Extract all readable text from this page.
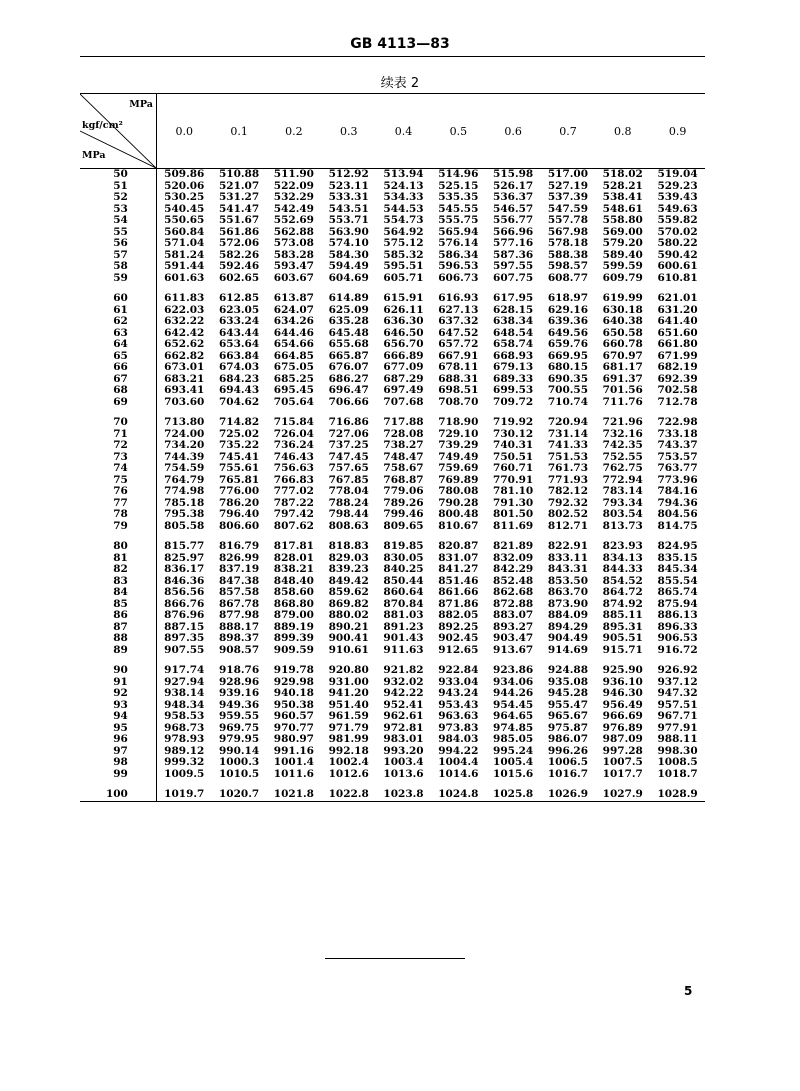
GB 4113—83
续表 2
MPa
kgf/cm²
MPa	0.0	0.1	0.2	0.3	0.4	0.5	0.6	0.7	0.8	0.9
50	509.86	510.88	511.90	512.92	513.94	514.96	515.98	517.00	518.02	519.04
51	520.06	521.07	522.09	523.11	524.13	525.15	526.17	527.19	528.21	529.23
52	530.25	531.27	532.29	533.31	534.33	535.35	536.37	537.39	538.41	539.43
53	540.45	541.47	542.49	543.51	544.53	545.55	546.57	547.59	548.61	549.63
54	550.65	551.67	552.69	553.71	554.73	555.75	556.77	557.78	558.80	559.82
55	560.84	561.86	562.88	563.90	564.92	565.94	566.96	567.98	569.00	570.02
56	571.04	572.06	573.08	574.10	575.12	576.14	577.16	578.18	579.20	580.22
57	581.24	582.26	583.28	584.30	585.32	586.34	587.36	588.38	589.40	590.42
58	591.44	592.46	593.47	594.49	595.51	596.53	597.55	598.57	599.59	600.61
59	601.63	602.65	603.67	604.69	605.71	606.73	607.75	608.77	609.79	610.81

60	611.83	612.85	613.87	614.89	615.91	616.93	617.95	618.97	619.99	621.01
61	622.03	623.05	624.07	625.09	626.11	627.13	628.15	629.16	630.18	631.20
62	632.22	633.24	634.26	635.28	636.30	637.32	638.34	639.36	640.38	641.40
63	642.42	643.44	644.46	645.48	646.50	647.52	648.54	649.56	650.58	651.60
64	652.62	653.64	654.66	655.68	656.70	657.72	658.74	659.76	660.78	661.80
65	662.82	663.84	664.85	665.87	666.89	667.91	668.93	669.95	670.97	671.99
66	673.01	674.03	675.05	676.07	677.09	678.11	679.13	680.15	681.17	682.19
67	683.21	684.23	685.25	686.27	687.29	688.31	689.33	690.35	691.37	692.39
68	693.41	694.43	695.45	696.47	697.49	698.51	699.53	700.55	701.56	702.58
69	703.60	704.62	705.64	706.66	707.68	708.70	709.72	710.74	711.76	712.78

70	713.80	714.82	715.84	716.86	717.88	718.90	719.92	720.94	721.96	722.98
71	724.00	725.02	726.04	727.06	728.08	729.10	730.12	731.14	732.16	733.18
72	734.20	735.22	736.24	737.25	738.27	739.29	740.31	741.33	742.35	743.37
73	744.39	745.41	746.43	747.45	748.47	749.49	750.51	751.53	752.55	753.57
74	754.59	755.61	756.63	757.65	758.67	759.69	760.71	761.73	762.75	763.77
75	764.79	765.81	766.83	767.85	768.87	769.89	770.91	771.93	772.94	773.96
76	774.98	776.00	777.02	778.04	779.06	780.08	781.10	782.12	783.14	784.16
77	785.18	786.20	787.22	788.24	789.26	790.28	791.30	792.32	793.34	794.36
78	795.38	796.40	797.42	798.44	799.46	800.48	801.50	802.52	803.54	804.56
79	805.58	806.60	807.62	808.63	809.65	810.67	811.69	812.71	813.73	814.75

80	815.77	816.79	817.81	818.83	819.85	820.87	821.89	822.91	823.93	824.95
81	825.97	826.99	828.01	829.03	830.05	831.07	832.09	833.11	834.13	835.15
82	836.17	837.19	838.21	839.23	840.25	841.27	842.29	843.31	844.33	845.34
83	846.36	847.38	848.40	849.42	850.44	851.46	852.48	853.50	854.52	855.54
84	856.56	857.58	858.60	859.62	860.64	861.66	862.68	863.70	864.72	865.74
85	866.76	867.78	868.80	869.82	870.84	871.86	872.88	873.90	874.92	875.94
86	876.96	877.98	879.00	880.02	881.03	882.05	883.07	884.09	885.11	886.13
87	887.15	888.17	889.19	890.21	891.23	892.25	893.27	894.29	895.31	896.33
88	897.35	898.37	899.39	900.41	901.43	902.45	903.47	904.49	905.51	906.53
89	907.55	908.57	909.59	910.61	911.63	912.65	913.67	914.69	915.71	916.72

90	917.74	918.76	919.78	920.80	921.82	922.84	923.86	924.88	925.90	926.92
91	927.94	928.96	929.98	931.00	932.02	933.04	934.06	935.08	936.10	937.12
92	938.14	939.16	940.18	941.20	942.22	943.24	944.26	945.28	946.30	947.32
93	948.34	949.36	950.38	951.40	952.41	953.43	954.45	955.47	956.49	957.51
94	958.53	959.55	960.57	961.59	962.61	963.63	964.65	965.67	966.69	967.71
95	968.73	969.75	970.77	971.79	972.81	973.83	974.85	975.87	976.89	977.91
96	978.93	979.95	980.97	981.99	983.01	984.03	985.05	986.07	987.09	988.11
97	989.12	990.14	991.16	992.18	993.20	994.22	995.24	996.26	997.28	998.30
98	999.32	1000.3	1001.4	1002.4	1003.4	1004.4	1005.4	1006.5	1007.5	1008.5
99	1009.5	1010.5	1011.6	1012.6	1013.6	1014.6	1015.6	1016.7	1017.7	1018.7

100	1019.7	1020.7	1021.8	1022.8	1023.8	1024.8	1025.8	1026.9	1027.9	1028.9
5
